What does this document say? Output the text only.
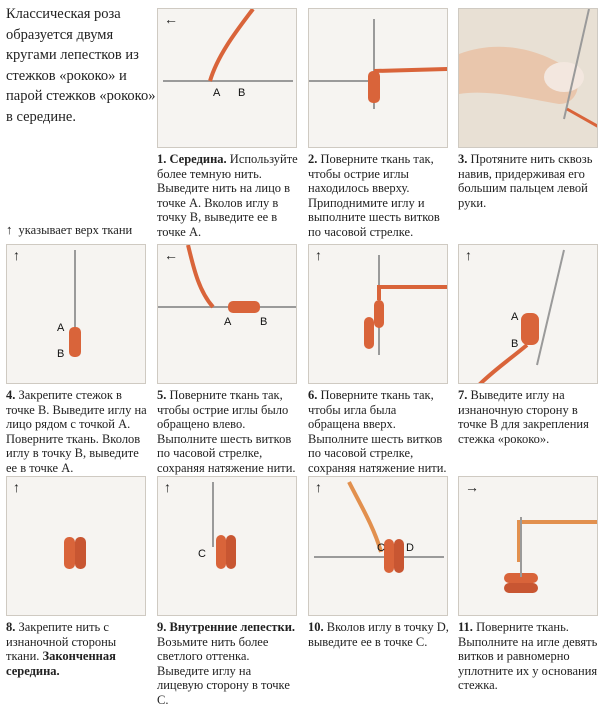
Классическая роза образуется двумя кругами лепестков из стежков «рококо» и парой стежков «рококо» в середине.
↑ указывает верх ткани
A B
←
1. Середина. Используйте более темную нить. Выведите нить на лицо в точке A. Вколов иглу в точку B, выведите ее в точке A.
2. Поверните ткань так, чтобы острие иглы находилось вверху. Приподнимите иглу и выполните шесть витков по часовой стрелке.
3. Протяните нить сквозь навив, придерживая его большим пальцем левой руки.
A
B
↑
4. Закрепите стежок в точке B. Выведите иглу на лицо рядом с точкой A. Поверните ткань. Вколов иглу в точку B, выведите ее в точке A.
A	B
←
5. Поверните ткань так, чтобы острие иглы было обращено влево. Выполните шесть витков по часовой стрелке, сохраняя натяжение нити.
↑
6. Поверните ткань так, чтобы игла была обращена вверх. Выполните шесть витков по часовой стрелке, сохраняя натяжение нити.
A
B
↑
7. Выведите иглу на изнаночную сторону в точке B для закрепления стежка «рококо».
↑
8. Закрепите нить с изнаночной стороны ткани. Законченная середина.
C
↑
9. Внутренние лепестки. Возьмите нить более светлого оттенка. Выведите иглу на лицевую сторону в точке C.
C D
↑
10. Вколов иглу в точку D, выведите ее в точке C.
→
11. Поверните ткань. Выполните на игле девять витков и равномерно уплотните их у основания стежка.
